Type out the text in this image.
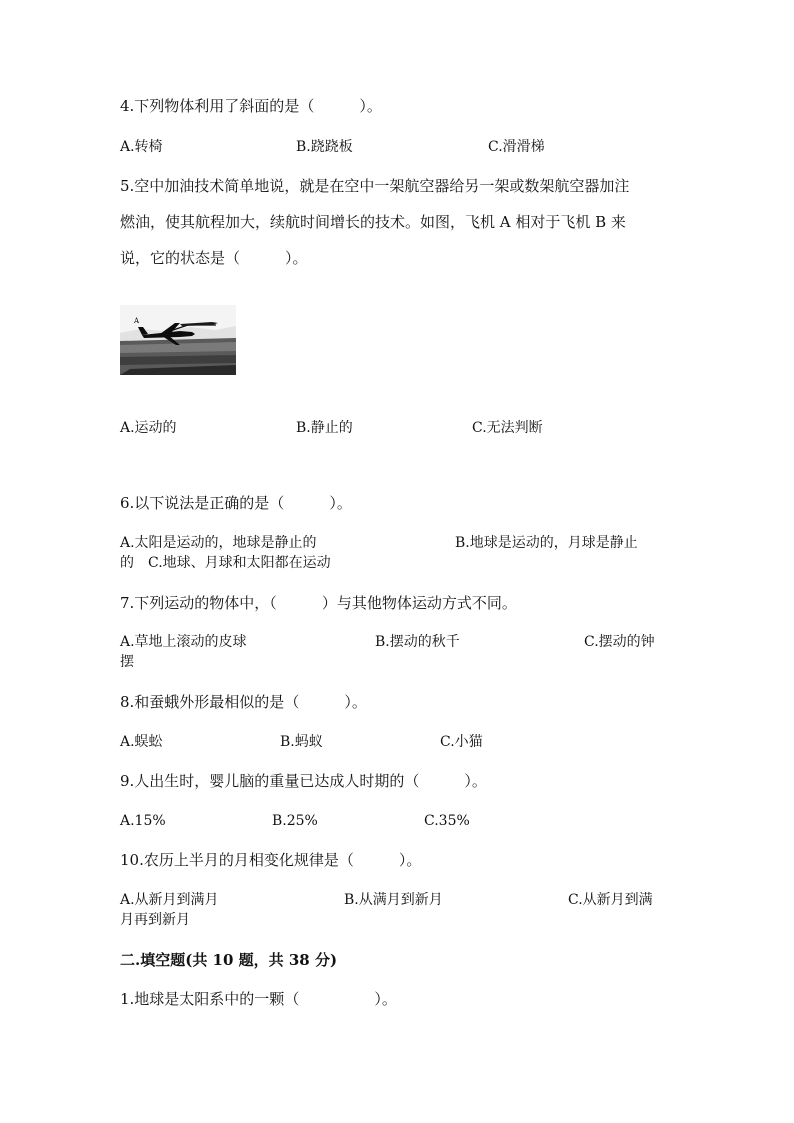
4.下列物体利用了斜面的是（　　　）。
A.转椅	B.跷跷板	C.滑滑梯
5.空中加油技术简单地说，就是在空中一架航空器给另一架或数架航空器加注
燃油，使其航程加大，续航时间增长的技术。如图，飞机 A 相对于飞机 B 来
说，它的状态是（　　　）。
A
A.运动的	B.静止的	C.无法判断
6.以下说法是正确的是（　　　）。
A.太阳是运动的，地球是静止的	B.地球是运动的，月球是静止
的 C.地球、月球和太阳都在运动
7.下列运动的物体中，（　　　）与其他物体运动方式不同。
A.草地上滚动的皮球	B.摆动的秋千	C.摆动的钟
摆
8.和蚕蛾外形最相似的是（　　　）。
A.蜈蚣	B.蚂蚁	C.小猫
9.人出生时，婴儿脑的重量已达成人时期的（　　　）。
A.15%	B.25%	C.35%
10.农历上半月的月相变化规律是（　　　）。
A.从新月到满月	B.从满月到新月	C.从新月到满
月再到新月
二.填空题(共 10 题，共 38 分)
1.地球是太阳系中的一颗（　　　　　）。
